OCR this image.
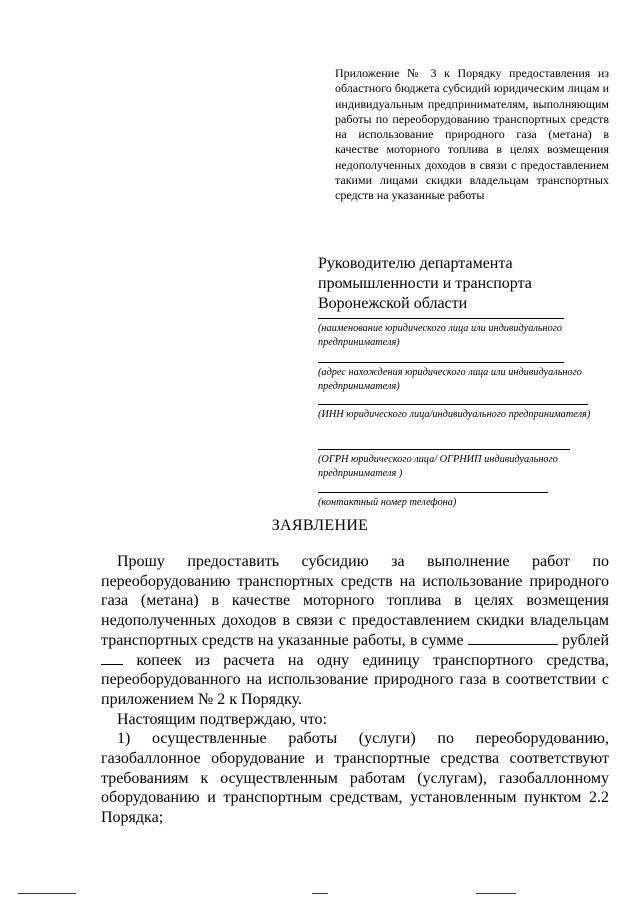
Приложение № 3 к Порядку предоставления из областного бюджета субсидий юридическим лицам и индивидуальным предпринимателям, выполняющим работы по переоборудованию транспортных средств на использование природного газа (метана) в качестве моторного топлива в целях возмещения недополученных доходов в связи с предоставлением такими лицами скидки владельцам транспортных средств на указанные работы
Руководителю департамента
промышленности и транспорта
Воронежской области
(наименование юридического лица или индивидуального предпринимателя)
(адрес нахождения юридического лица или индивидуального предпринимателя)
(ИНН юридического лица/индивидуального предпринимателя)
(ОГРН юридического лица/ ОГРНИП индивидуального предпринимателя )
(контактный номер телефона)
ЗАЯВЛЕНИЕ

Прошу предоставить субсидию за выполнение работ по переоборудованию транспортных средств на использование природного газа (метана) в качестве моторного топлива в целях возмещения недополученных доходов в связи с предоставлением скидки владельцам транспортных средств на указанные работы, в сумме	рублей  копеек из расчета на одну единицу транспортного средства, переоборудованного на использование природного газа в соответствии с приложением № 2 к Порядку.

Настоящим подтверждаю, что:

1) осуществленные работы (услуги) по переоборудованию, газобаллонное оборудование и транспортные средства соответствуют требованиям к осуществленным работам (услугам), газобаллонному оборудованию и транспортным средствам, установленным пунктом 2.2 Порядка;
